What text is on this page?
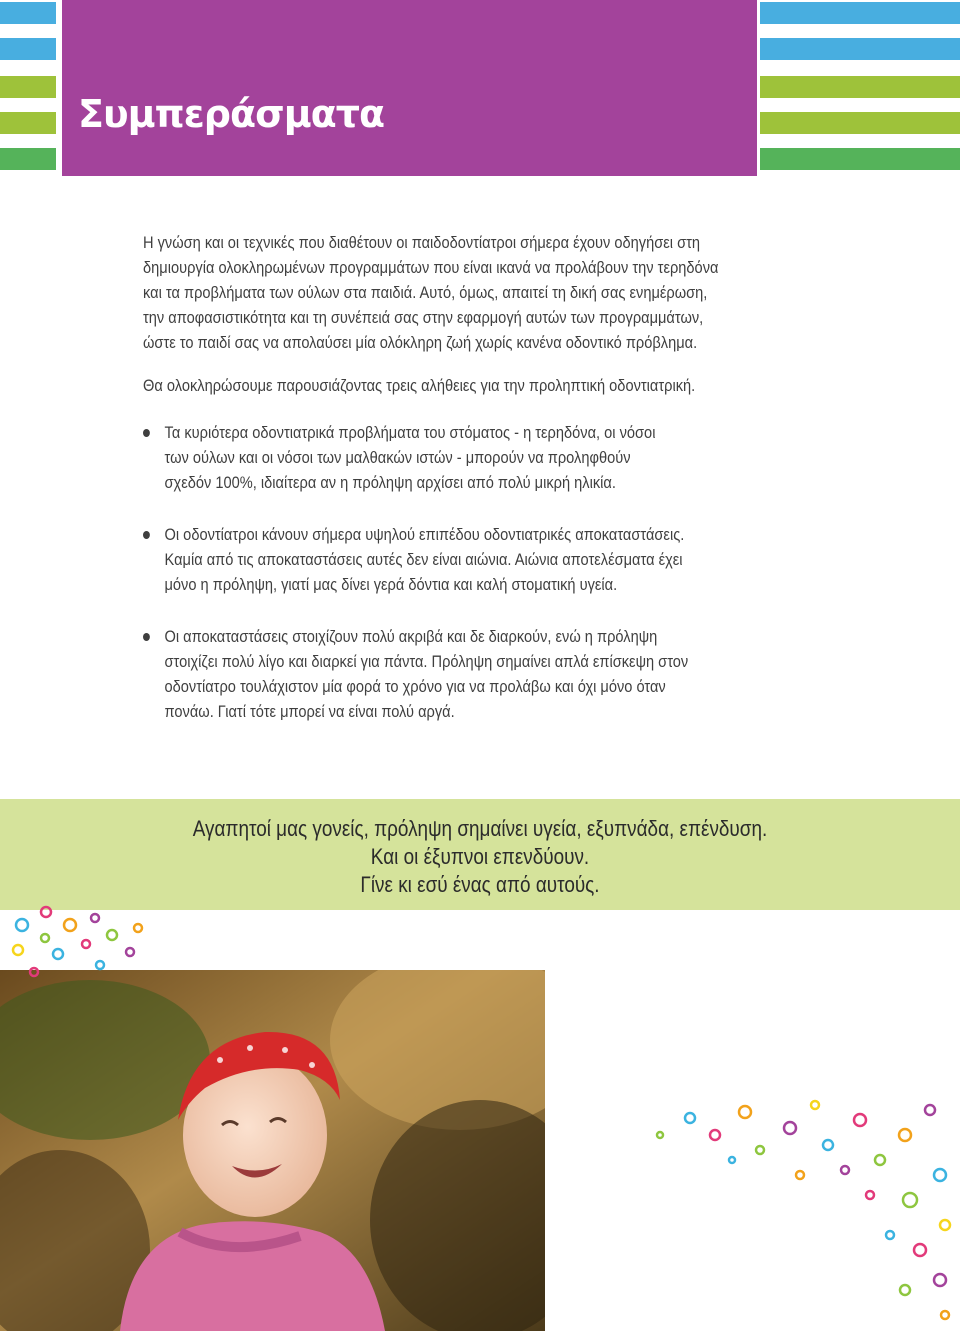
Συμπεράσματα
Η γνώση και οι τεχνικές που διαθέτουν οι παιδοδοντίατροι σήμερα έχουν οδηγήσει στη
δημιουργία ολοκληρωμένων προγραμμάτων που είναι ικανά να προλάβουν την τερηδόνα
και τα προβλήματα των ούλων στα παιδιά. Αυτό, όμως, απαιτεί τη δική σας ενημέρωση,
την αποφασιστικότητα και τη συνέπειά σας στην εφαρμογή αυτών των προγραμμάτων,
ώστε το παιδί σας να απολαύσει μία ολόκληρη ζωή χωρίς κανένα οδοντικό πρόβλημα.
Θα ολοκληρώσουμε παρουσιάζοντας τρεις αλήθειες για την προληπτική οδοντιατρική.
Τα κυριότερα οδοντιατρικά προβλήματα του στόματος - η τερηδόνα, οι νόσοι
των ούλων και οι νόσοι των μαλθακών ιστών - μπορούν να προληφθούν
σχεδόν 100%, ιδιαίτερα αν η πρόληψη αρχίσει από πολύ μικρή ηλικία.
Οι οδοντίατροι κάνουν σήμερα υψηλού επιπέδου οδοντιατρικές αποκαταστάσεις.
Καμία από τις αποκαταστάσεις αυτές δεν είναι αιώνια. Αιώνια αποτελέσματα έχει
μόνο η πρόληψη, γιατί μας δίνει γερά δόντια και καλή στοματική υγεία.
Οι αποκαταστάσεις στοιχίζουν πολύ ακριβά και δε διαρκούν, ενώ η πρόληψη
στοιχίζει πολύ λίγο και διαρκεί για πάντα. Πρόληψη σημαίνει απλά επίσκεψη στον
οδοντίατρο τουλάχιστον μία φορά το χρόνο για να προλάβω και όχι μόνο όταν
πονάω. Γιατί τότε μπορεί να είναι πολύ αργά.
Αγαπητοί μας γονείς, πρόληψη σημαίνει υγεία, εξυπνάδα, επένδυση.
Και οι έξυπνοι επενδύουν.
Γίνε κι εσύ ένας από αυτούς.
